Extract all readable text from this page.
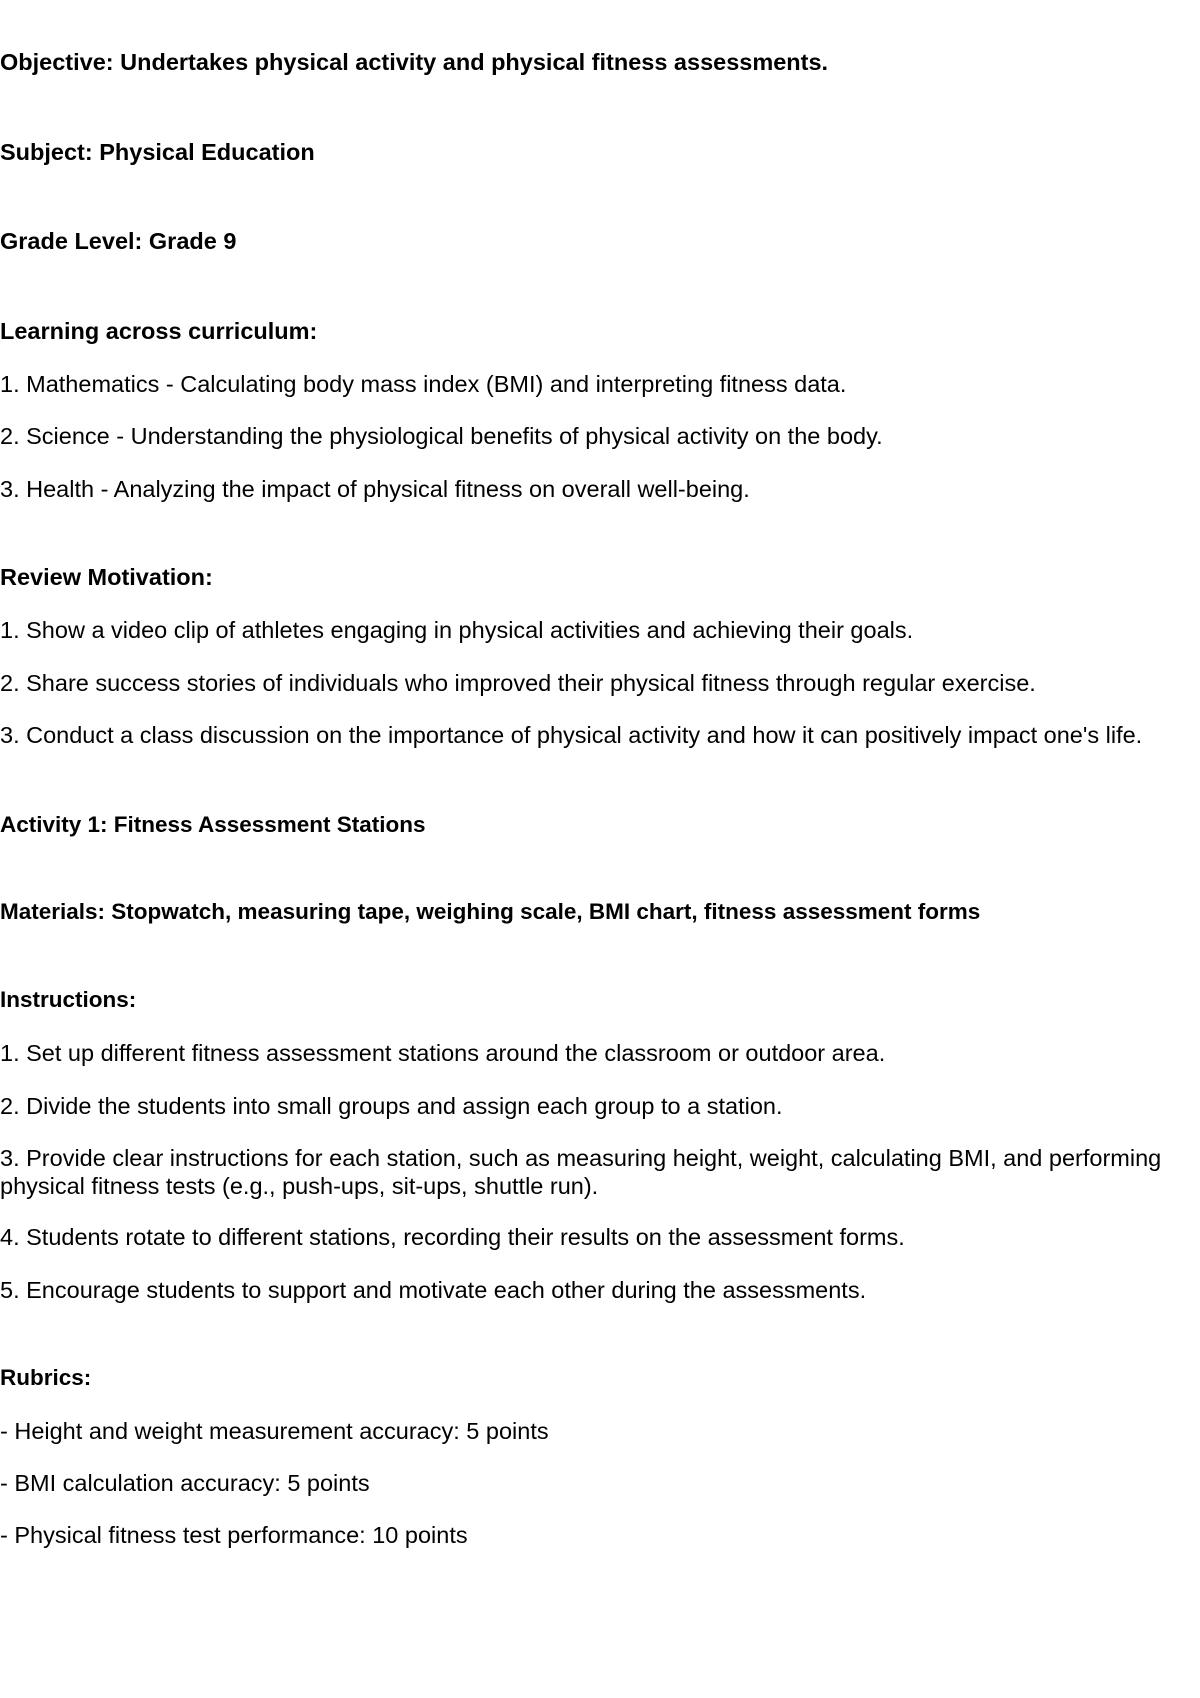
Objective: Undertakes physical activity and physical fitness assessments.

Subject: Physical Education

Grade Level: Grade 9

Learning across curriculum:

1. Mathematics - Calculating body mass index (BMI) and interpreting fitness data.

2. Science - Understanding the physiological benefits of physical activity on the body.

3. Health - Analyzing the impact of physical fitness on overall well-being.

Review Motivation:

1. Show a video clip of athletes engaging in physical activities and achieving their goals.

2. Share success stories of individuals who improved their physical fitness through regular exercise.

3. Conduct a class discussion on the importance of physical activity and how it can positively impact one's life.

Activity 1: Fitness Assessment Stations

Materials: Stopwatch, measuring tape, weighing scale, BMI chart, fitness assessment forms

Instructions:

1. Set up different fitness assessment stations around the classroom or outdoor area.

2. Divide the students into small groups and assign each group to a station.

3. Provide clear instructions for each station, such as measuring height, weight, calculating BMI, and performing physical fitness tests (e.g., push-ups, sit-ups, shuttle run).

4. Students rotate to different stations, recording their results on the assessment forms.

5. Encourage students to support and motivate each other during the assessments.

Rubrics:

- Height and weight measurement accuracy: 5 points

- BMI calculation accuracy: 5 points

- Physical fitness test performance: 10 points
